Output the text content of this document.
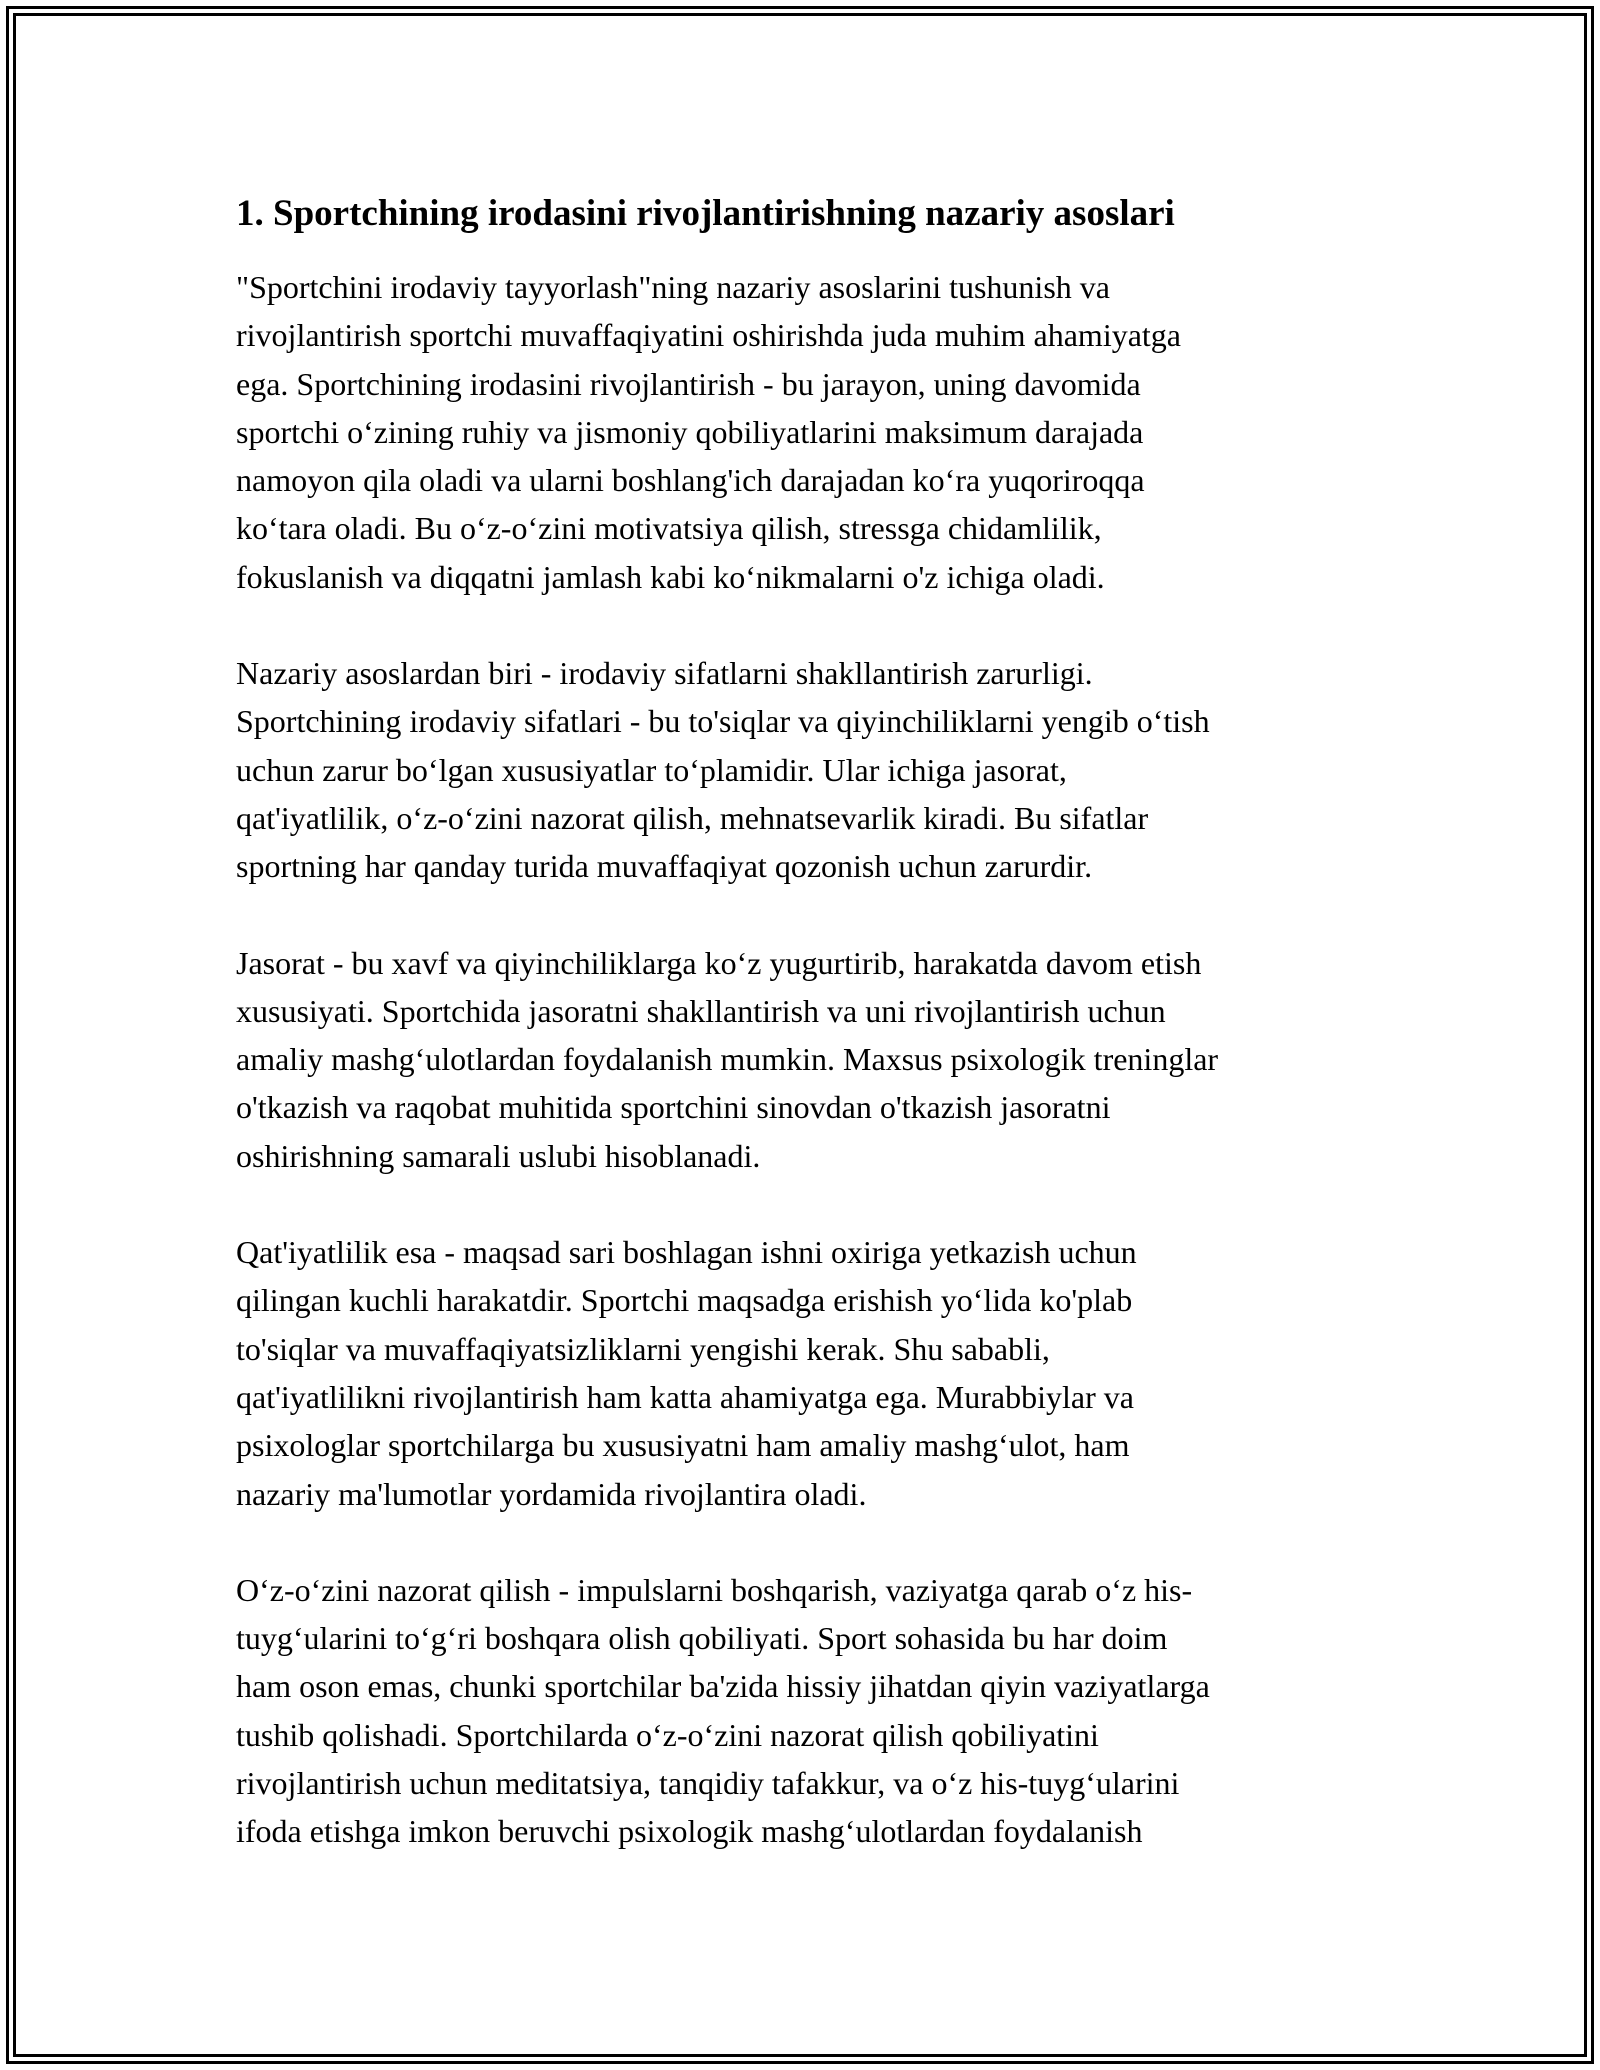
1. Sportchining irodasini rivojlantirishning nazariy asoslari

"Sportchini irodaviy tayyorlash"ning nazariy asoslarini tushunish va
rivojlantirish sportchi muvaffaqiyatini oshirishda juda muhim ahamiyatga
ega. Sportchining irodasini rivojlantirish - bu jarayon, uning davomida
sportchi o‘zining ruhiy va jismoniy qobiliyatlarini maksimum darajada
namoyon qila oladi va ularni boshlang'ich darajadan ko‘ra yuqoriroqqa
ko‘tara oladi. Bu o‘z-o‘zini motivatsiya qilish, stressga chidamlilik,
fokuslanish va diqqatni jamlash kabi ko‘nikmalarni o'z ichiga oladi.

Nazariy asoslardan biri - irodaviy sifatlarni shakllantirish zarurligi.
Sportchining irodaviy sifatlari - bu to'siqlar va qiyinchiliklarni yengib o‘tish
uchun zarur bo‘lgan xususiyatlar to‘plamidir. Ular ichiga jasorat,
qat'iyatlilik, o‘z-o‘zini nazorat qilish, mehnatsevarlik kiradi. Bu sifatlar
sportning har qanday turida muvaffaqiyat qozonish uchun zarurdir.

Jasorat - bu xavf va qiyinchiliklarga ko‘z yugurtirib, harakatda davom etish
xususiyati. Sportchida jasoratni shakllantirish va uni rivojlantirish uchun
amaliy mashg‘ulotlardan foydalanish mumkin. Maxsus psixologik treninglar
o'tkazish va raqobat muhitida sportchini sinovdan o'tkazish jasoratni
oshirishning samarali uslubi hisoblanadi.

Qat'iyatlilik esa - maqsad sari boshlagan ishni oxiriga yetkazish uchun
qilingan kuchli harakatdir. Sportchi maqsadga erishish yo‘lida ko'plab
to'siqlar va muvaffaqiyatsizliklarni yengishi kerak. Shu sababli,
qat'iyatlilikni rivojlantirish ham katta ahamiyatga ega. Murabbiylar va
psixologlar sportchilarga bu xususiyatni ham amaliy mashg‘ulot, ham
nazariy ma'lumotlar yordamida rivojlantira oladi.

O‘z-o‘zini nazorat qilish - impulslarni boshqarish, vaziyatga qarab o‘z his-
tuyg‘ularini to‘g‘ri boshqara olish qobiliyati. Sport sohasida bu har doim
ham oson emas, chunki sportchilar ba'zida hissiy jihatdan qiyin vaziyatlarga
tushib qolishadi. Sportchilarda o‘z-o‘zini nazorat qilish qobiliyatini
rivojlantirish uchun meditatsiya, tanqidiy tafakkur, va o‘z his-tuyg‘ularini
ifoda etishga imkon beruvchi psixologik mashg‘ulotlardan foydalanish
